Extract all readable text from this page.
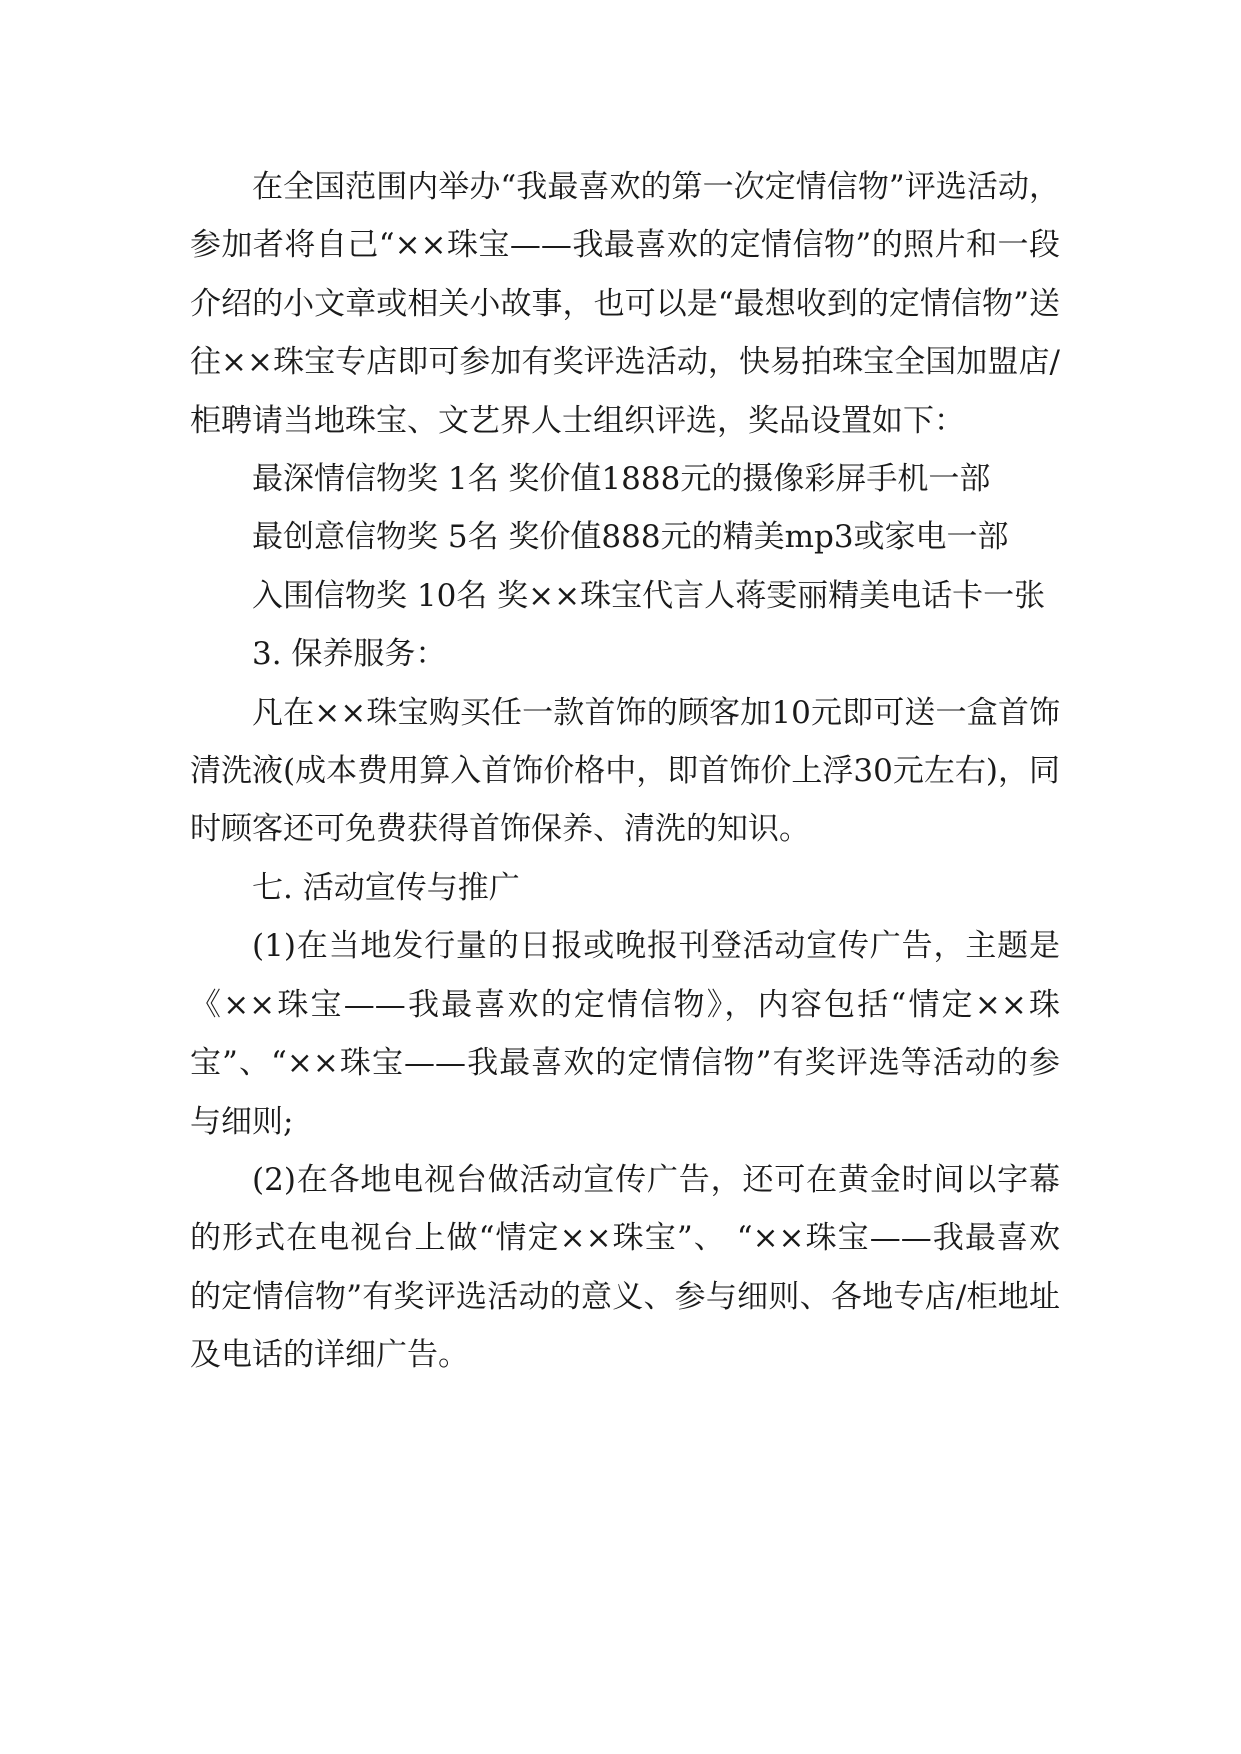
在全国范围内举办“我最喜欢的第一次定情信物”评选活动，参加者将自己“××珠宝——我最喜欢的定情信物”的照片和一段介绍的小文章或相关小故事，也可以是“最想收到的定情信物”送往××珠宝专店即可参加有奖评选活动，快易拍珠宝全国加盟店/柜聘请当地珠宝、文艺界人士组织评选，奖品设置如下：

最深情信物奖 1名 奖价值1888元的摄像彩屏手机一部

最创意信物奖 5名 奖价值888元的精美mp3或家电一部

入围信物奖 10名 奖××珠宝代言人蒋雯丽精美电话卡一张

3. 保养服务：

凡在××珠宝购买任一款首饰的顾客加10元即可送一盒首饰清洗液(成本费用算入首饰价格中，即首饰价上浮30元左右)，同时顾客还可免费获得首饰保养、清洗的知识。

七. 活动宣传与推广

(1)在当地发行量的日报或晚报刊登活动宣传广告，主题是《××珠宝——我最喜欢的定情信物》，内容包括“情定××珠宝”、“××珠宝——我最喜欢的定情信物”有奖评选等活动的参与细则;

(2)在各地电视台做活动宣传广告，还可在黄金时间以字幕的形式在电视台上做“情定××珠宝”、 “××珠宝——我最喜欢的定情信物”有奖评选活动的意义、参与细则、各地专店/柜地址及电话的详细广告。
